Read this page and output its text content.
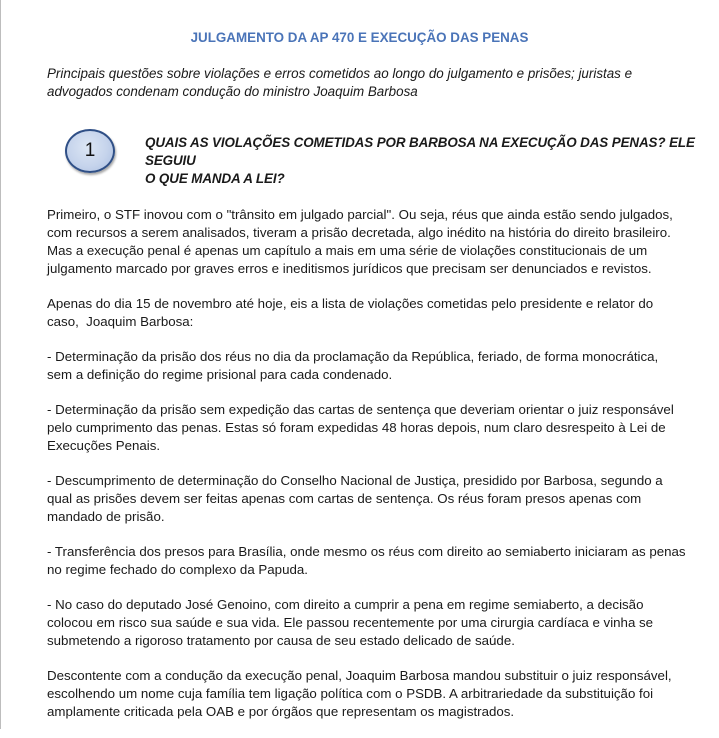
JULGAMENTO DA AP 470 E EXECUÇÃO DAS PENAS
Principais questões sobre violações e erros cometidos ao longo do julgamento e prisões; juristas e
advogados condenam condução do ministro Joaquim Barbosa
1	QUAIS AS VIOLAÇÕES COMETIDAS POR BARBOSA NA EXECUÇÃO DAS PENAS? ELE SEGUIU
O QUE MANDA A LEI?

Primeiro, o STF inovou com o "trânsito em julgado parcial". Ou seja, réus que ainda estão sendo julgados,
com recursos a serem analisados, tiveram a prisão decretada, algo inédito na história do direito brasileiro.
Mas a execução penal é apenas um capítulo a mais em uma série de violações constitucionais de um
julgamento marcado por graves erros e ineditismos jurídicos que precisam ser denunciados e revistos.

Apenas do dia 15 de novembro até hoje, eis a lista de violações cometidas pelo presidente e relator do
caso,  Joaquim Barbosa:

- Determinação da prisão dos réus no dia da proclamação da República, feriado, de forma monocrática,
sem a definição do regime prisional para cada condenado.

- Determinação da prisão sem expedição das cartas de sentença que deveriam orientar o juiz responsável
pelo cumprimento das penas. Estas só foram expedidas 48 horas depois, num claro desrespeito à Lei de
Execuções Penais.

- Descumprimento de determinação do Conselho Nacional de Justiça, presidido por Barbosa, segundo a
qual as prisões devem ser feitas apenas com cartas de sentença. Os réus foram presos apenas com
mandado de prisão.

- Transferência dos presos para Brasília, onde mesmo os réus com direito ao semiaberto iniciaram as penas
no regime fechado do complexo da Papuda.

- No caso do deputado José Genoino, com direito a cumprir a pena em regime semiaberto, a decisão
colocou em risco sua saúde e sua vida. Ele passou recentemente por uma cirurgia cardíaca e vinha se
submetendo a rigoroso tratamento por causa de seu estado delicado de saúde.

Descontente com a condução da execução penal, Joaquim Barbosa mandou substituir o juiz responsável,
escolhendo um nome cuja família tem ligação política com o PSDB. A arbitrariedade da substituição foi
amplamente criticada pela OAB e por órgãos que representam os magistrados.
